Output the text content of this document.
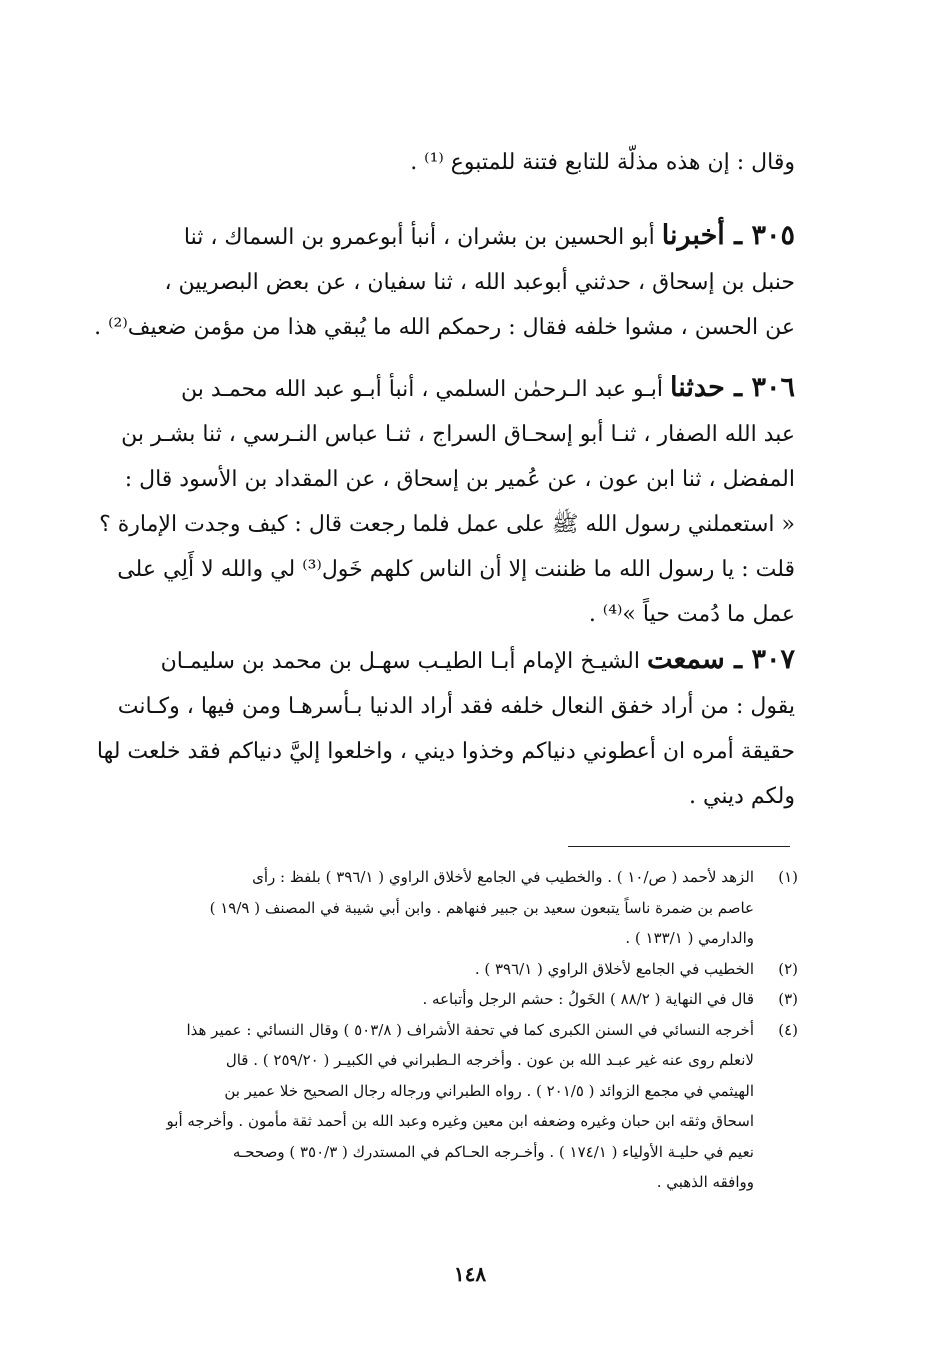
وقال : إن هذه مذلّة للتابع فتنة للمتبوع ⁽¹⁾ .

٣٠٥ ـ أخبرنا أبو الحسين بن بشران ، أنبأ أبوعمرو بن السماك ، ثنا

حنبل بن إسحاق ، حدثني أبوعبد الله ، ثنا سفيان ، عن بعض البصريين ،

عن الحسن ، مشوا خلفه فقال : رحمكم الله ما يُبقي هذا من مؤمن ضعيف⁽²⁾ .

٣٠٦ ـ حدثنا أبـو عبد الـرحمٰن السلمي ، أنبأ أبـو عبد الله محمـد بن

عبد الله الصفار ، ثنـا أبو إسحـاق السراج ، ثنـا عباس النـرسي ، ثنا بشـر بن

المفضل ، ثنا ابن عون ، عن عُمير بن إسحاق ، عن المقداد بن الأسود قال :

« استعملني رسول الله ﷺ على عمل فلما رجعت قال : كيف وجدت الإمارة ؟

قلت : يا رسول الله ما ظننت إلا أن الناس كلهم خَول⁽³⁾ لي والله لا أَلِي على

عمل ما دُمت حياً »⁽⁴⁾ .

٣٠٧ ـ سمعت الشيـخ الإمام أبـا الطيـب سهـل بن محمد بن سليمـان

يقول : من أراد خفق النعال خلفه فقد أراد الدنيا بـأسرهـا ومن فيها ، وكـانت

حقيقة أمره ان أعطوني دنياكم وخذوا ديني ، واخلعوا إليَّ دنياكم فقد خلعت لها

ولكم ديني .

(١)
الزهد لأحمد ( ص/١٠ ) . والخطيب في الجامع لأخلاق الراوي ( ٣٩٦/١ ) بلفظ : رأى
عاصم بن ضمرة ناساً يتبعون سعيد بن جبير فنهاهم . وابن أبي شيبة في المصنف ( ١٩/٩ )
والدارمي ( ١٣٣/١ ) .
(٢)
الخطيب في الجامع لأخلاق الراوي ( ٣٩٦/١ ) .
(٣)
قال في النهاية ( ٨٨/٢ ) الخَولُ : حشم الرجل وأتباعه .
(٤)
أخرجه النسائي في السنن الكبرى كما في تحفة الأشراف ( ٥٠٣/٨ ) وقال النسائي : عمير هذا
لانعلم روى عنه غير عبـد الله بن عون . وأخرجه الـطبراني في الكبيـر ( ٢٥٩/٢٠ ) . قال
الهيثمي في مجمع الزوائد ( ٢٠١/٥ ) . رواه الطبراني ورجاله رجال الصحيح خلا عمير بن
اسحاق وثقه ابن حبان وغيره وضعفه ابن معين وغيره وعبد الله بن أحمد ثقة مأمون . وأخرجه أبو
نعيم في حليـة الأولياء ( ١٧٤/١ ) . وأخـرجه الحـاكم في المستدرك ( ٣٥٠/٣ ) وصححـه
ووافقه الذهبي .
١٤٨
